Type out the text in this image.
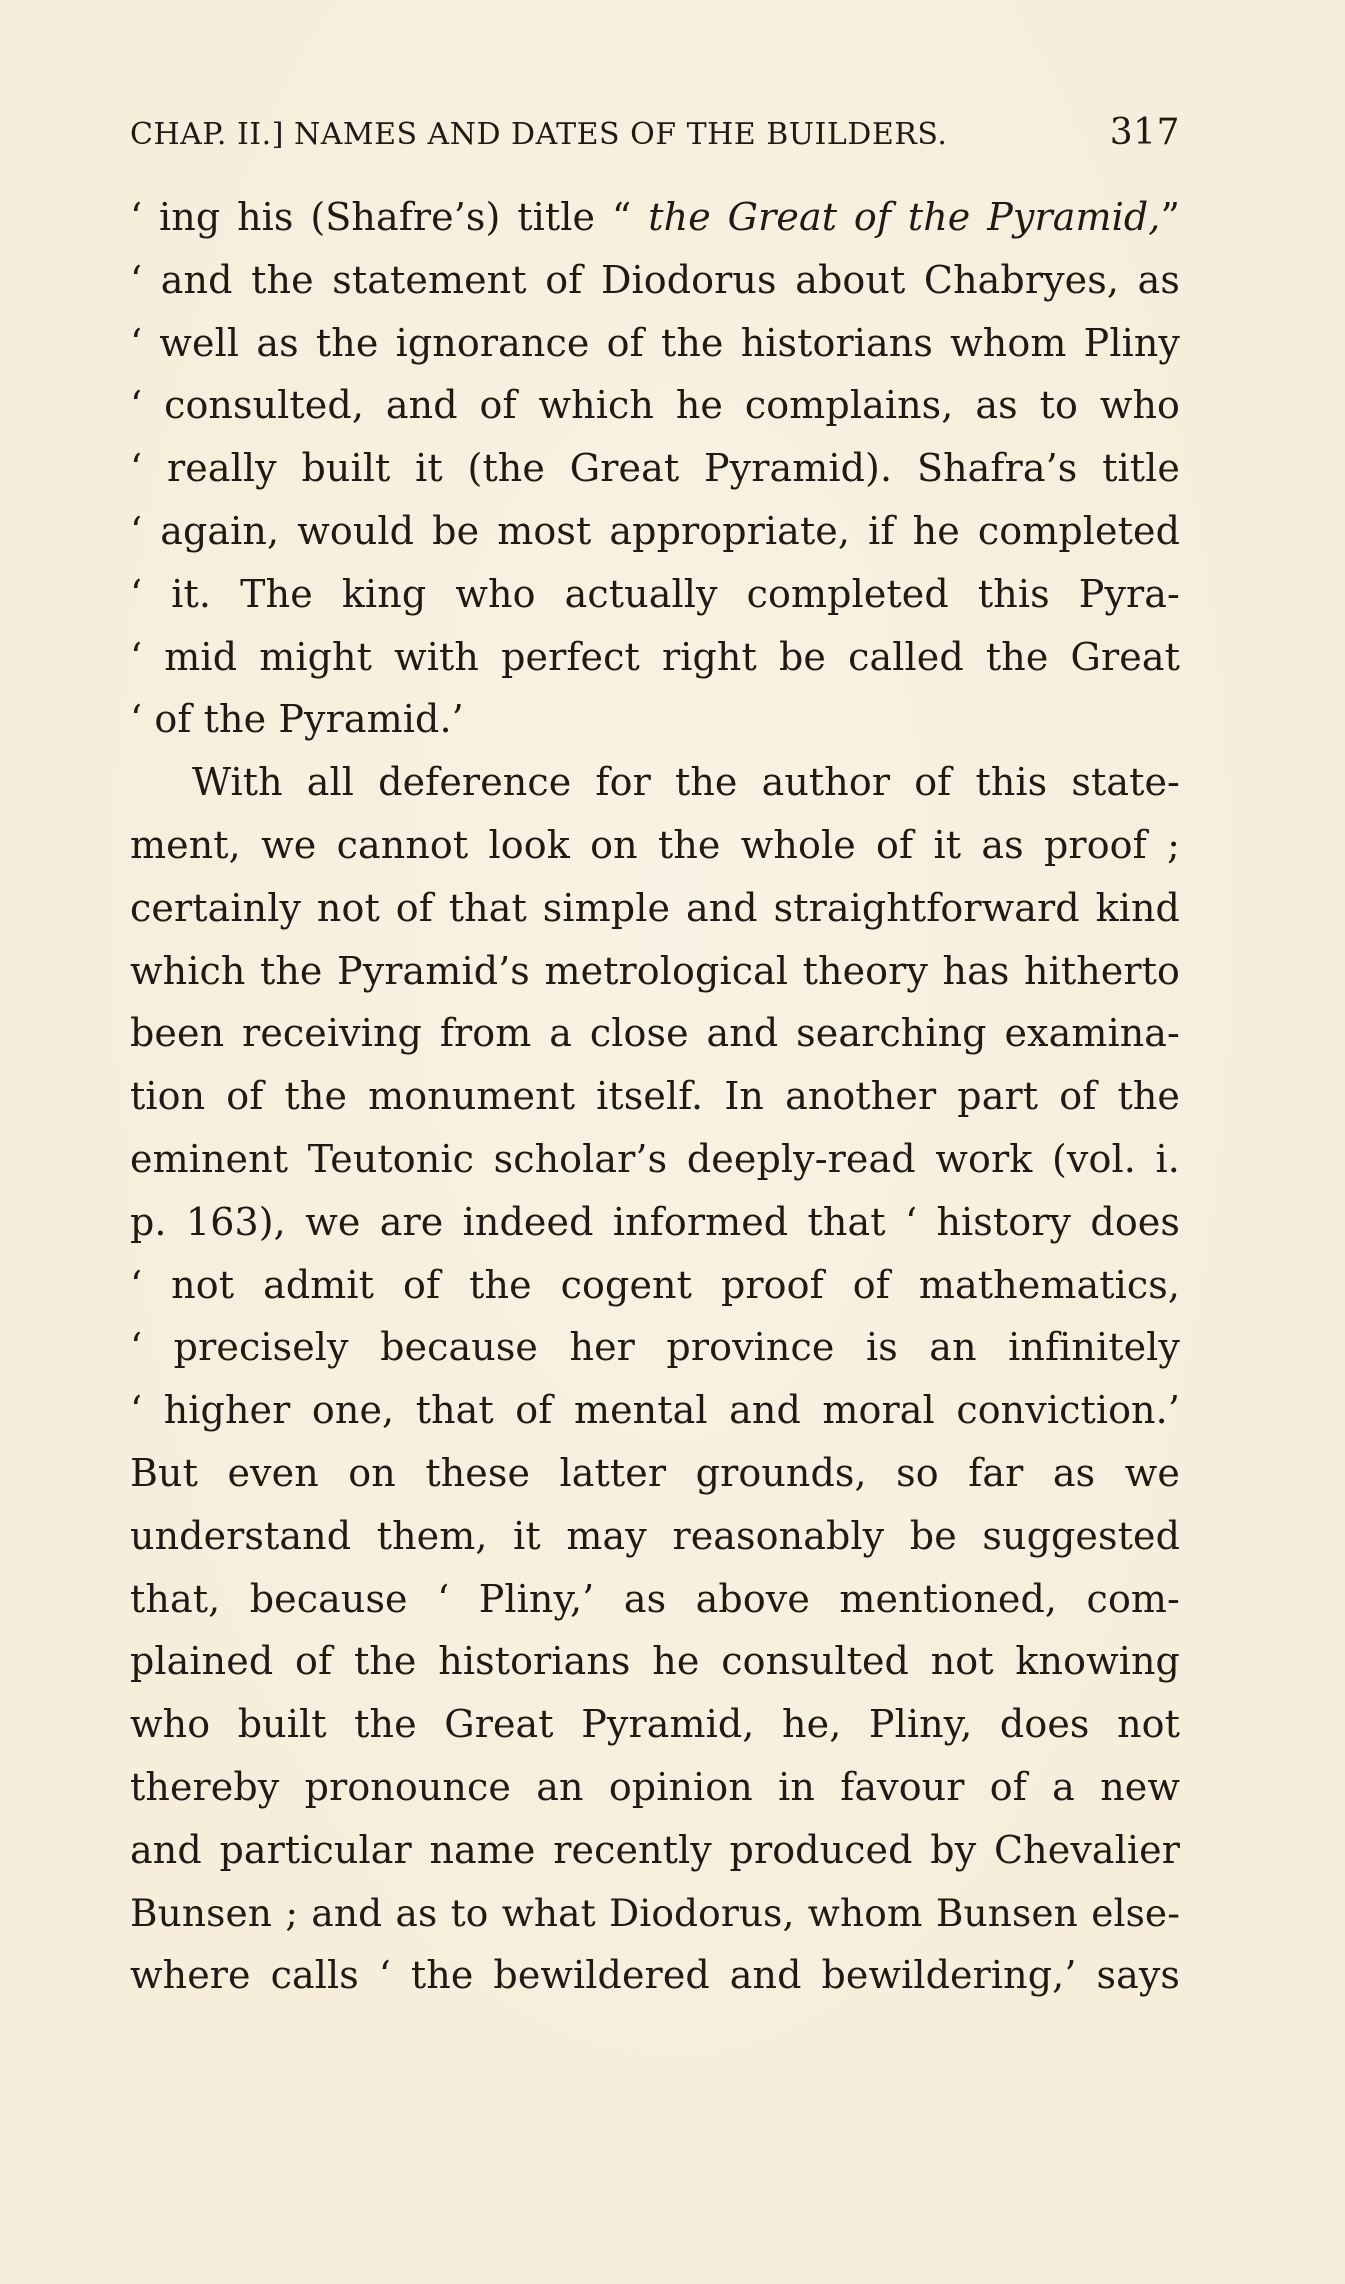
CHAP. II.] NAMES AND DATES OF THE BUILDERS.	317
‘ ing his (Shafre’s) title “ the Great of the Pyramid,”
‘ and the statement of Diodorus about Chabryes, as
‘ well as the ignorance of the historians whom Pliny
‘ consulted, and of which he complains, as to who
‘ really built it (the Great Pyramid). Shafra’s title
‘ again, would be most appropriate, if he completed
‘ it. The king who actually completed this Pyra-
‘ mid might with perfect right be called the Great
‘ of the Pyramid.’
With all deference for the author of this state-
ment, we cannot look on the whole of it as proof ;
certainly not of that simple and straightforward kind
which the Pyramid’s metrological theory has hitherto
been receiving from a close and searching examina-
tion of the monument itself. In another part of the
eminent Teutonic scholar’s deeply-read work (vol. i.
p. 163), we are indeed informed that ‘ history does
‘ not admit of the cogent proof of mathematics,
‘ precisely because her province is an infinitely
‘ higher one, that of mental and moral conviction.’
But even on these latter grounds, so far as we
understand them, it may reasonably be suggested
that, because ‘ Pliny,’ as above mentioned, com-
plained of the historians he consulted not knowing
who built the Great Pyramid, he, Pliny, does not
thereby pronounce an opinion in favour of a new
and particular name recently produced by Chevalier
Bunsen ; and as to what Diodorus, whom Bunsen else-
where calls ‘ the bewildered and bewildering,’ says
